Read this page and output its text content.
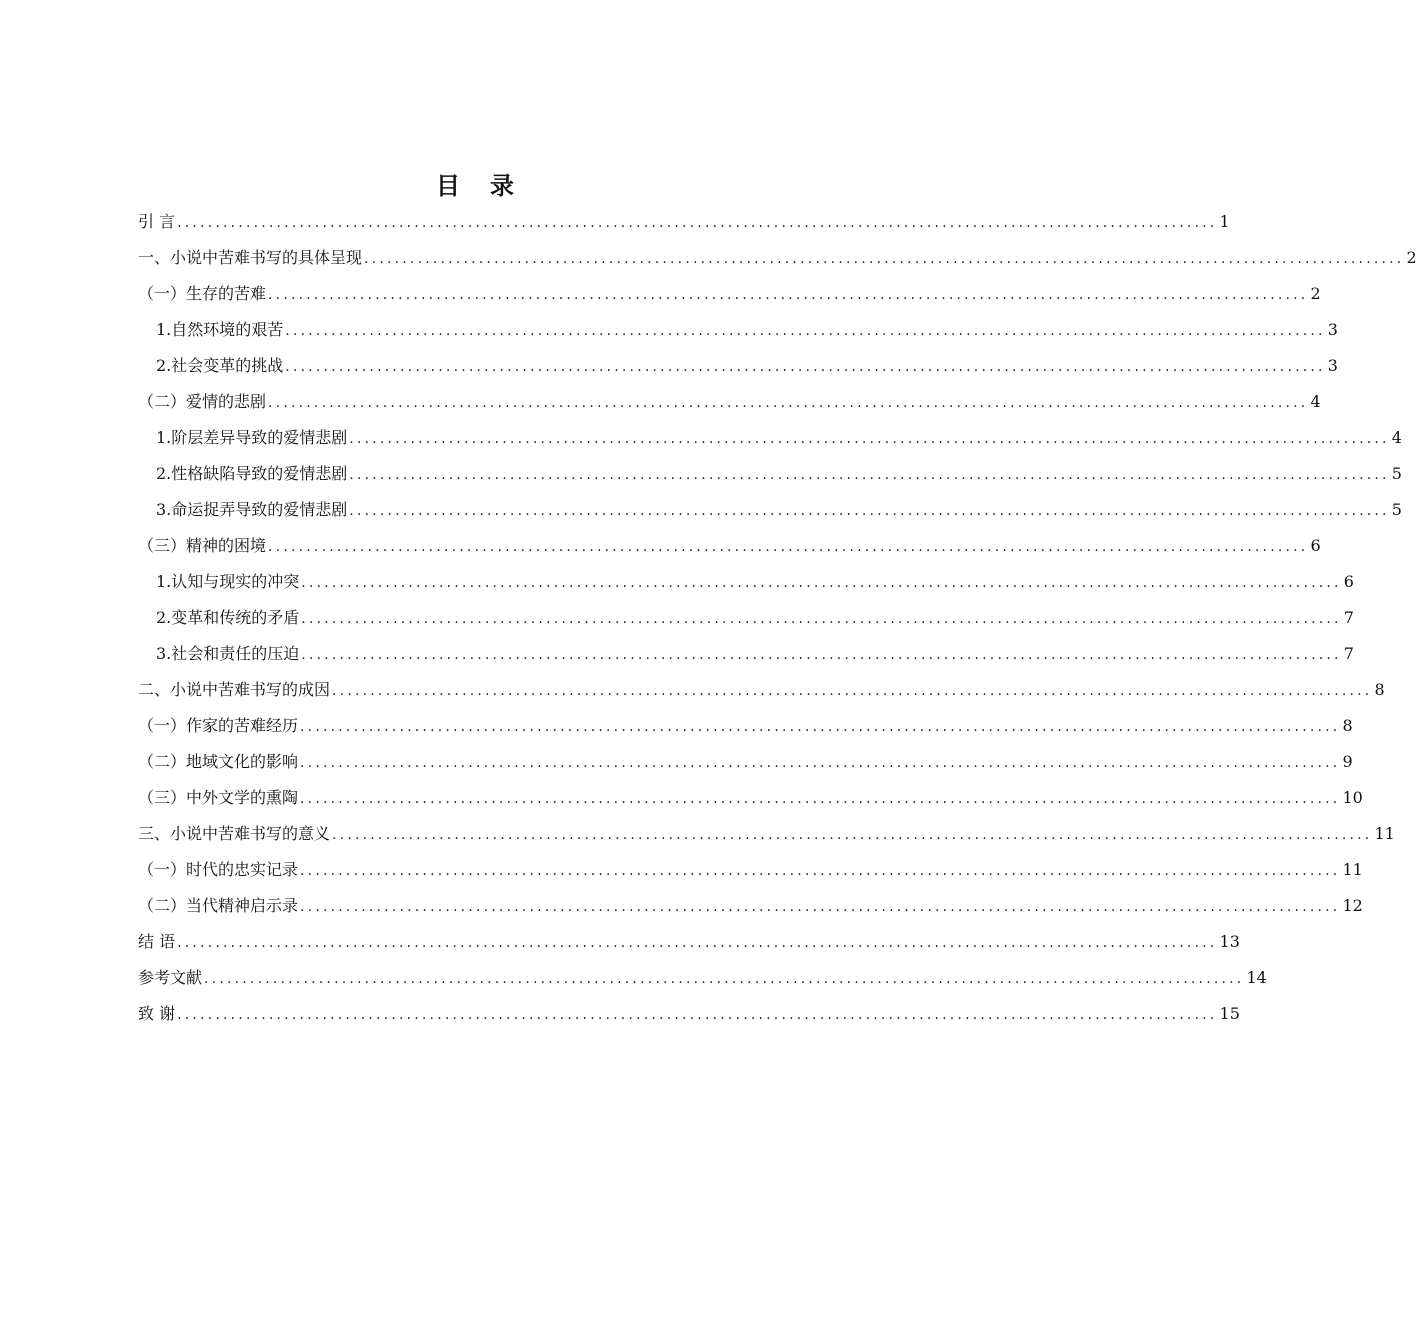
目 录
引 言 ........................................................................................................................................ 1
一、小说中苦难书写的具体呈现 ........................................................................................................................................ 2
（一）生存的苦难 ........................................................................................................................................ 2
1.自然环境的艰苦 ........................................................................................................................................ 3
2.社会变革的挑战 ........................................................................................................................................ 3
（二）爱情的悲剧 ........................................................................................................................................ 4
1.阶层差异导致的爱情悲剧 ........................................................................................................................................ 4
2.性格缺陷导致的爱情悲剧 ........................................................................................................................................ 5
3.命运捉弄导致的爱情悲剧 ........................................................................................................................................ 5
（三）精神的困境 ........................................................................................................................................ 6
1.认知与现实的冲突 ........................................................................................................................................ 6
2.变革和传统的矛盾 ........................................................................................................................................ 7
3.社会和责任的压迫 ........................................................................................................................................ 7
二、小说中苦难书写的成因 ........................................................................................................................................ 8
（一）作家的苦难经历 ........................................................................................................................................ 8
（二）地域文化的影响 ........................................................................................................................................ 9
（三）中外文学的熏陶 ........................................................................................................................................ 10
三、小说中苦难书写的意义 ........................................................................................................................................ 11
（一）时代的忠实记录 ........................................................................................................................................ 11
（二）当代精神启示录 ........................................................................................................................................ 12
结 语 ........................................................................................................................................ 13
参考文献 ........................................................................................................................................ 14
致 谢 ........................................................................................................................................ 15
